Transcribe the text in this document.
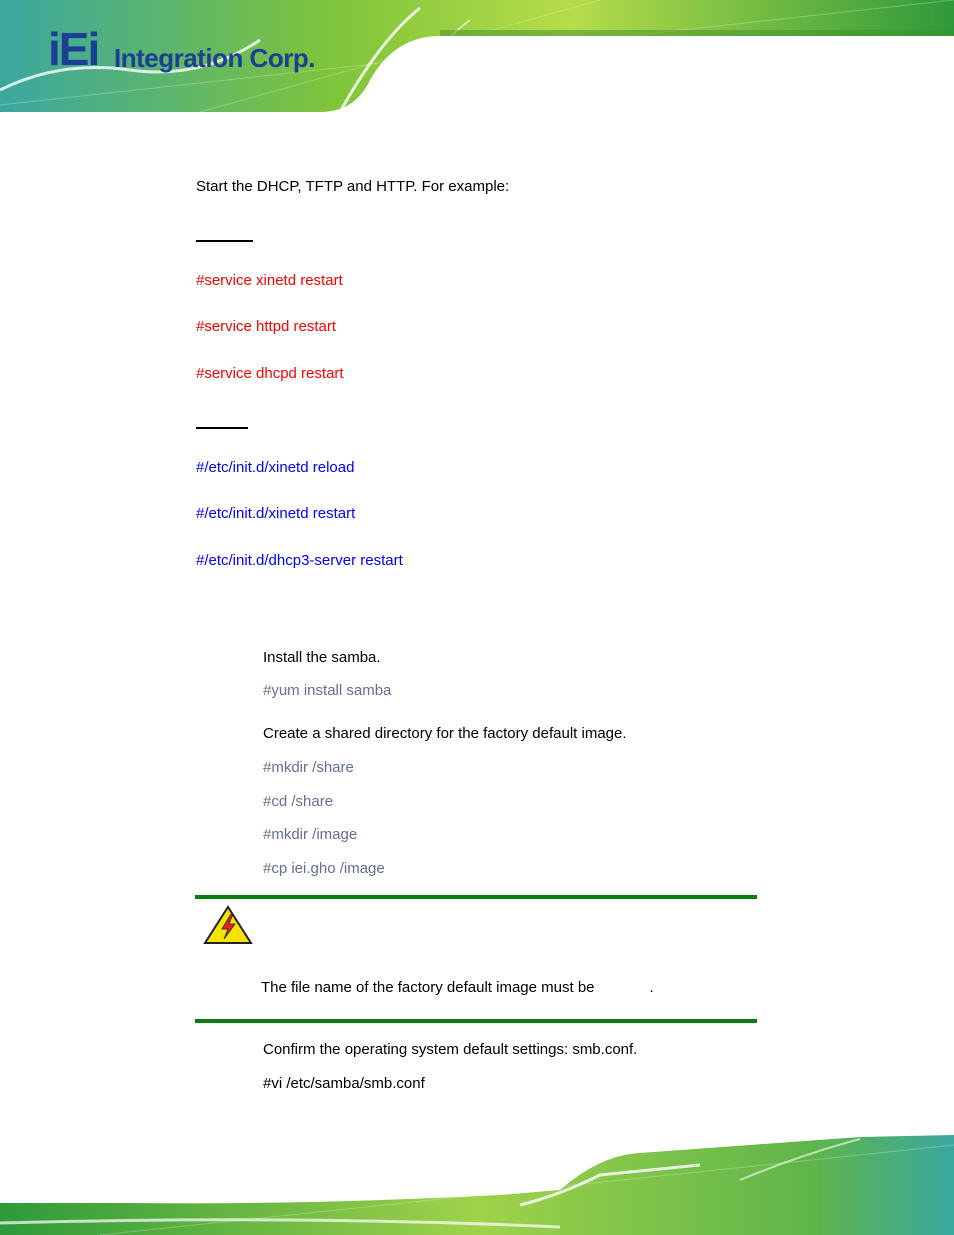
iEi Integration Corp.
Start the DHCP, TFTP and HTTP. For example:
#service xinetd restart
#service httpd restart
#service dhcpd restart
#/etc/init.d/xinetd reload
#/etc/init.d/xinetd restart
#/etc/init.d/dhcp3-server restart
Install the samba.
#yum install samba
Create a shared directory for the factory default image.
#mkdir /share
#cd /share
#mkdir /image
#cp iei.gho /image
The file name of the factory default image must be	.
Confirm the operating system default settings: smb.conf.
#vi /etc/samba/smb.conf
